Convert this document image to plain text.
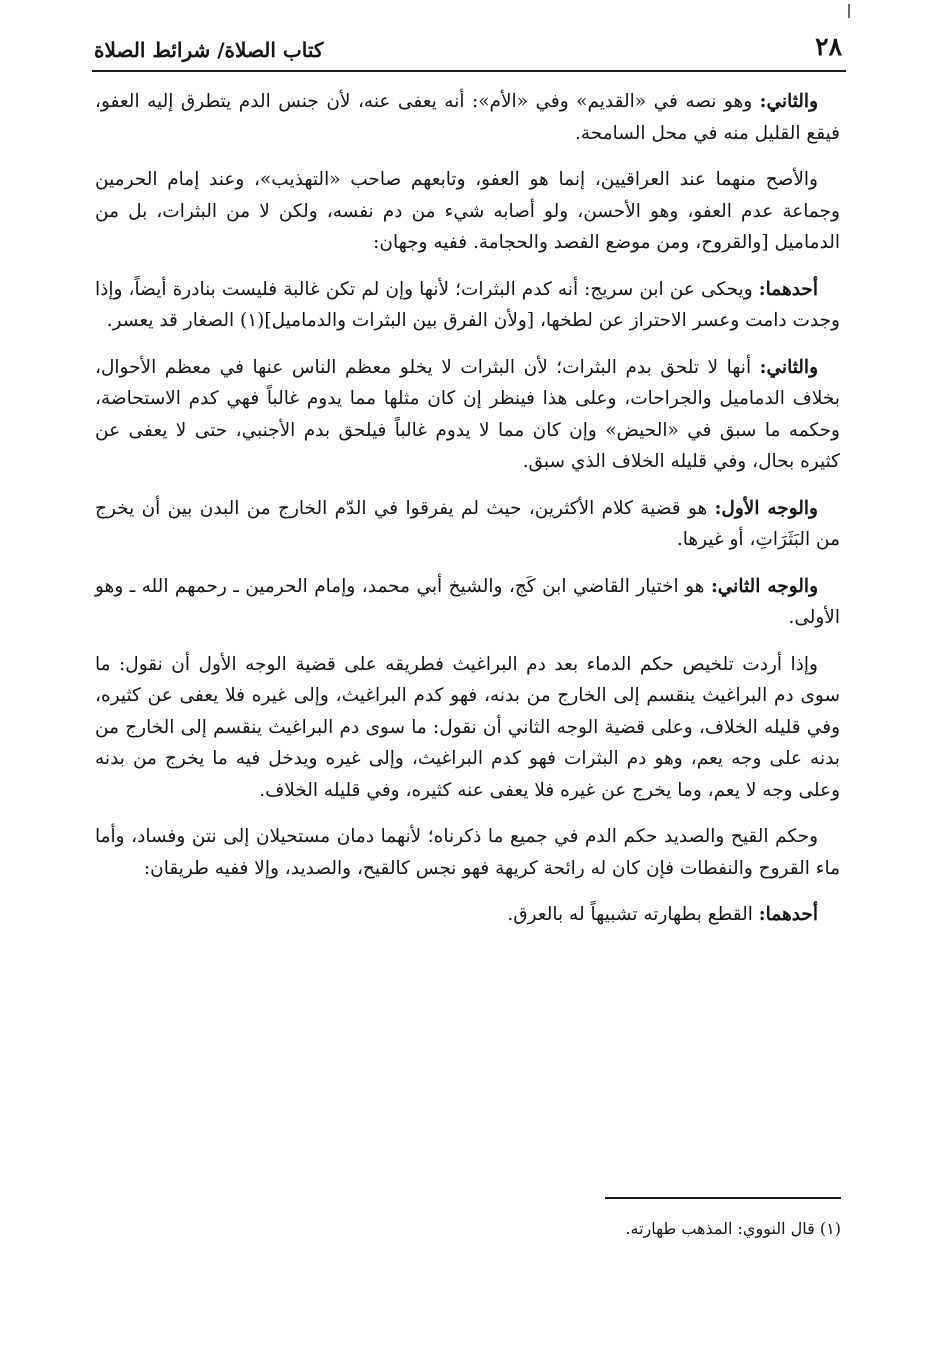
٢٨
كتاب الصلاة/ شرائط الصلاة

والثاني: وهو نصه في «القديم» وفي «الأم»: أنه يعفى عنه، لأن جنس الدم يتطرق إليه العفو، فيقع القليل منه في محل السامحة.

والأصح منهما عند العراقيين، إنما هو العفو، وتابعهم صاحب «التهذيب»، وعند إمام الحرمين وجماعة عدم العفو، وهو الأحسن، ولو أصابه شيء من دم نفسه، ولكن لا من البثرات، بل من الدماميل [والقروح، ومن موضع الفصد والحجامة. ففيه وجهان:

أحدهما: ويحكى عن ابن سريج: أنه كدم البثرات؛ لأنها وإن لم تكن غالبة فليست بنادرة أيضاً، وإذا وجدت دامت وعسر الاحتراز عن لطخها، [ولأن الفرق بين البثرات والدماميل](١) الصغار قد يعسر.

والثاني: أنها لا تلحق بدم البثرات؛ لأن البثرات لا يخلو معظم الناس عنها في معظم الأحوال، بخلاف الدماميل والجراحات، وعلى هذا فينظر إن كان مثلها مما يدوم غالباً فهي كدم الاستحاضة، وحكمه ما سبق في «الحيض» وإن كان مما لا يدوم غالباً فيلحق بدم الأجنبي، حتى لا يعفى عن كثيره بحال، وفي قليله الخلاف الذي سبق.

والوجه الأول: هو قضية كلام الأكثرين، حيث لم يفرقوا في الدّم الخارج من البدن بين أن يخرج من البَثَرَاتِ، أو غيرها.

والوجه الثاني: هو اختيار القاضي ابن كَج، والشيخ أبي محمد، وإمام الحرمين ـ رحمهم الله ـ وهو الأولى.

وإذا أردت تلخيص حكم الدماء بعد دم البراغيث فطريقه على قضية الوجه الأول أن نقول: ما سوى دم البراغيث ينقسم إلى الخارج من بدنه، فهو كدم البراغيث، وإلى غيره فلا يعفى عن كثيره، وفي قليله الخلاف، وعلى قضية الوجه الثاني أن نقول: ما سوى دم البراغيث ينقسم إلى الخارج من بدنه على وجه يعم، وهو دم البثرات فهو كدم البراغيث، وإلى غيره ويدخل فيه ما يخرج من بدنه وعلى وجه لا يعم، وما يخرج عن غيره فلا يعفى عنه كثيره، وفي قليله الخلاف.

وحكم القيح والصديد حكم الدم في جميع ما ذكرناه؛ لأنهما دمان مستحيلان إلى نتن وفساد، وأما ماء القروح والنفطات فإن كان له رائحة كريهة فهو نجس كالقيح، والصديد، وإلا ففيه طريقان:

أحدهما: القطع بطهارته تشبيهاً له بالعرق.

(١) قال النووي: المذهب طهارته.
